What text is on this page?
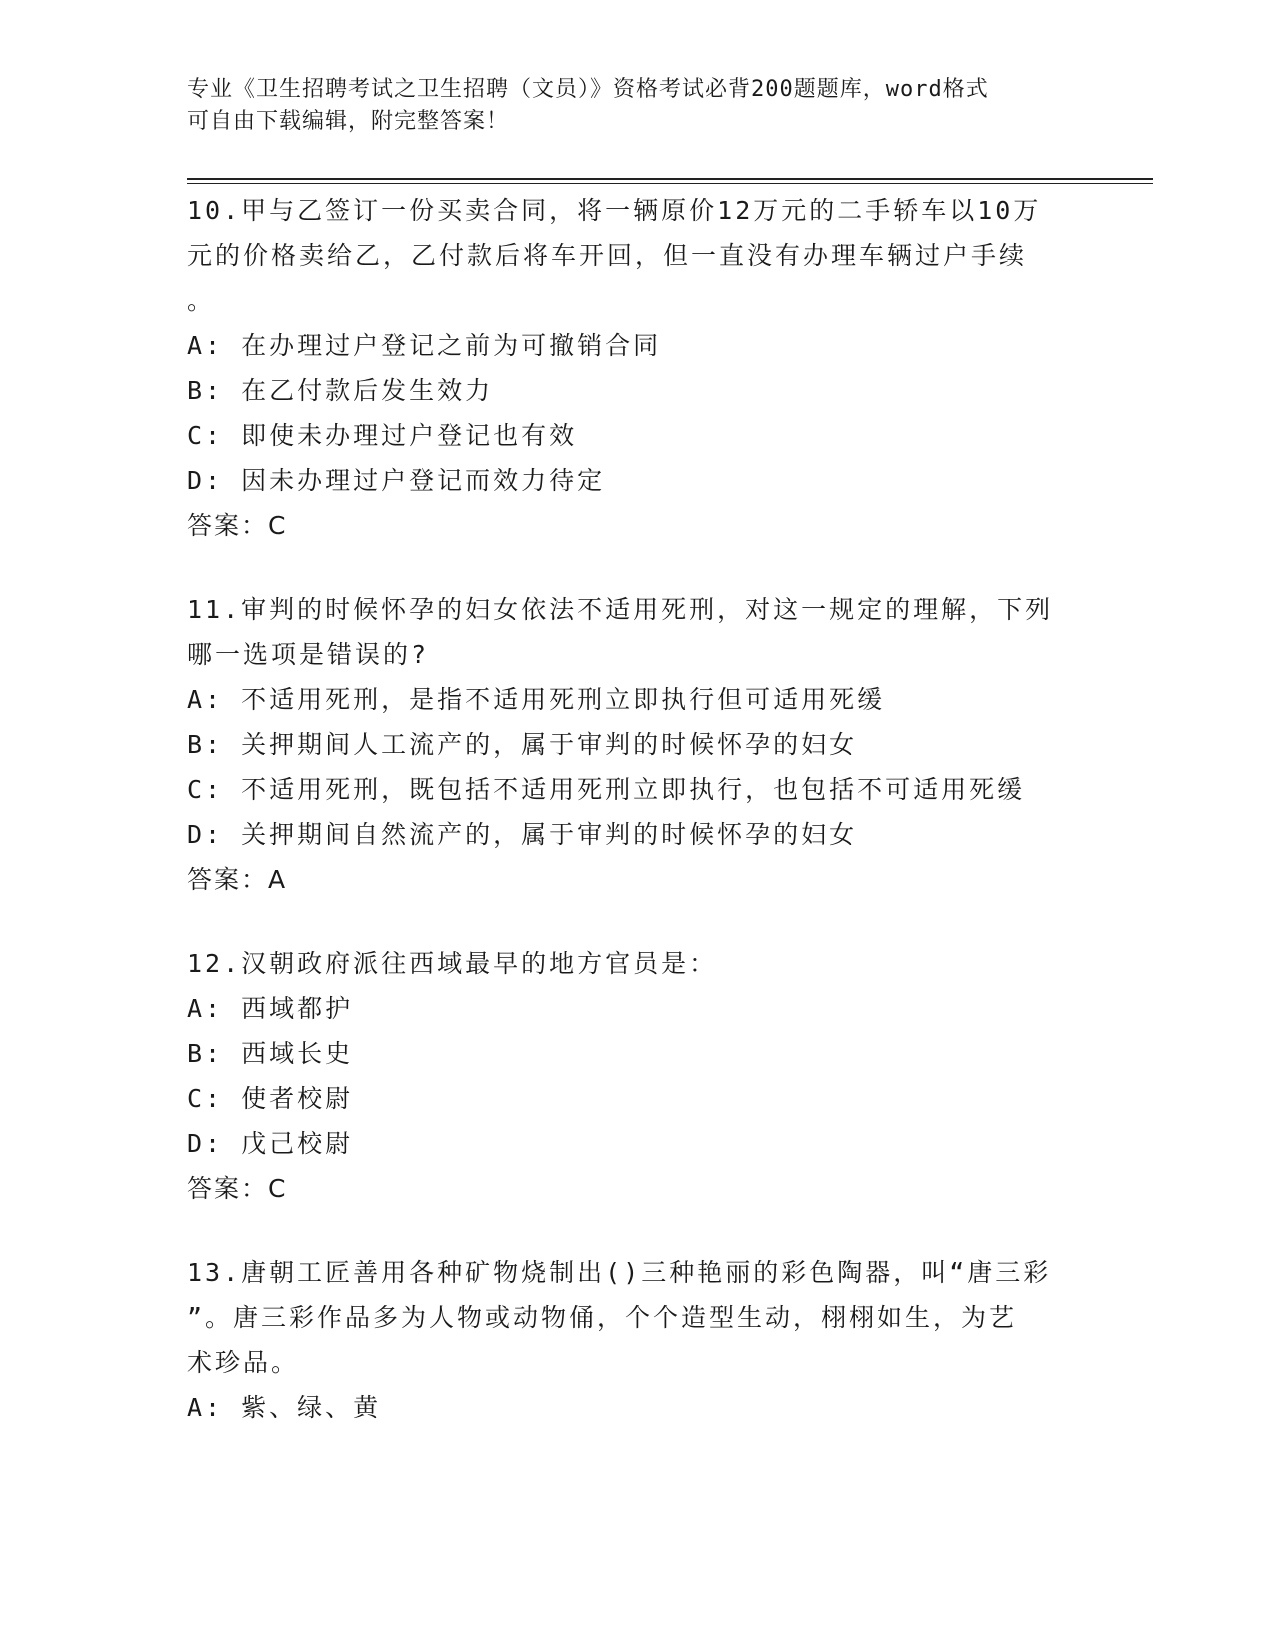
专业《卫生招聘考试之卫生招聘（文员）》资格考试必背200题题库，word格式
可自由下载编辑，附完整答案！
10.甲与乙签订一份买卖合同，将一辆原价12万元的二手轿车以10万
元的价格卖给乙，乙付款后将车开回，但一直没有办理车辆过户手续
。
A: 在办理过户登记之前为可撤销合同
B: 在乙付款后发生效力
C: 即使未办理过户登记也有效
D: 因未办理过户登记而效力待定
答案：C
11.审判的时候怀孕的妇女依法不适用死刑，对这一规定的理解，下列
哪一选项是错误的?
A: 不适用死刑，是指不适用死刑立即执行但可适用死缓
B: 关押期间人工流产的，属于审判的时候怀孕的妇女
C: 不适用死刑，既包括不适用死刑立即执行，也包括不可适用死缓
D: 关押期间自然流产的，属于审判的时候怀孕的妇女
答案：A
12.汉朝政府派往西域最早的地方官员是：
A: 西域都护
B: 西域长史
C: 使者校尉
D: 戊己校尉
答案：C
13.唐朝工匠善用各种矿物烧制出()三种艳丽的彩色陶器，叫“唐三彩
”。唐三彩作品多为人物或动物俑，个个造型生动，栩栩如生，为艺
术珍品。
A: 紫、绿、黄
